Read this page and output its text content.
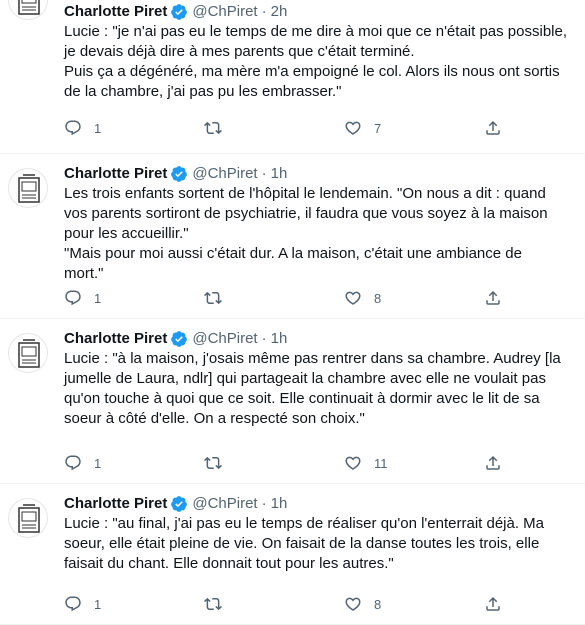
Charlotte Piret @ChPiret · 2h

Lucie : "je n'ai pas eu le temps de me dire à moi que ce n'était pas possible,
je devais déjà dire à mes parents que c'était terminé.
Puis ça a dégénéré, ma mère m'a empoigné le col. Alors ils nous ont sortis
de la chambre, j'ai pas pu les embrasser."

1	7
Charlotte Piret @ChPiret · 1h

Les trois enfants sortent de l'hôpital le lendemain. "On nous a dit : quand
vos parents sortiront de psychiatrie, il faudra que vous soyez à la maison
pour les accueillir."
"Mais pour moi aussi c'était dur. A la maison, c'était une ambiance de
mort."

1	8
Charlotte Piret @ChPiret · 1h

Lucie : "à la maison, j'osais même pas rentrer dans sa chambre. Audrey [la
jumelle de Laura, ndlr] qui partageait la chambre avec elle ne voulait pas
qu'on touche à quoi que ce soit. Elle continuait à dormir avec le lit de sa
soeur à côté d'elle. On a respecté son choix."

1	11
Charlotte Piret @ChPiret · 1h

Lucie : "au final, j'ai pas eu le temps de réaliser qu'on l'enterrait déjà. Ma
soeur, elle était pleine de vie. On faisait de la danse toutes les trois, elle
faisait du chant. Elle donnait tout pour les autres."

1	8
